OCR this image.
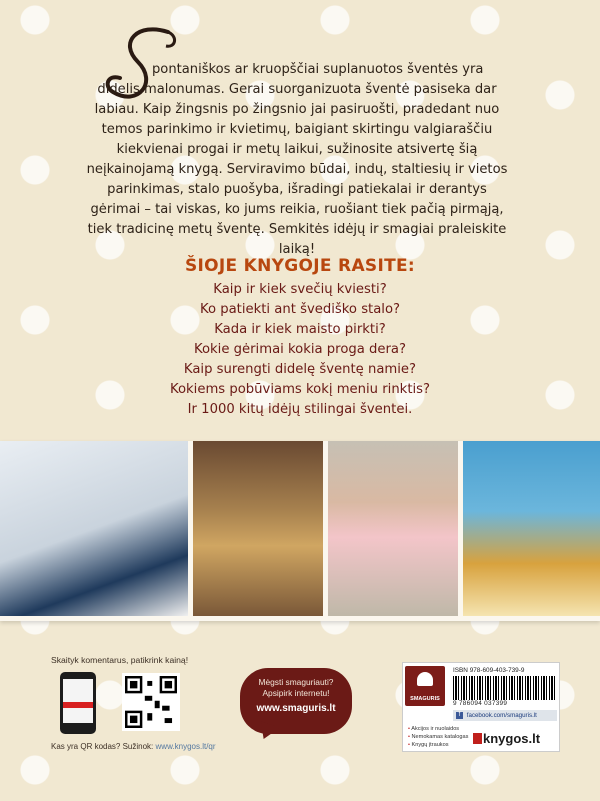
pontaniškos ar kruopščiai suplanuotos šventės yra
didelis malonumas. Gerai suorganizuota šventė pasiseka dar labiau. Kaip žingsnis po žingsnio jai pasiruošti, pradedant nuo temos parinkimo ir kvietimų, baigiant skirtingu valgiaraščiu kiekvienai progai ir metų laikui, sužinosite atsivertę šią neįkainojamą knygą. Serviravimo būdai, indų, staltiesių ir vietos parinkimas, stalo puošyba, išradingi patiekalai ir derantys gėrimai – tai viskas, ko jums reikia, ruošiant tiek pačią pirmąją, tiek tradicinę metų šventę. Semkitės idėjų ir smagiai praleiskite laiką!
ŠIOJE KNYGOJE RASITE:
Kaip ir kiek svečių kviesti?
Ko patiekti ant švediško stalo?
Kada ir kiek maisto pirkti?
Kokie gėrimai kokia proga dera?
Kaip surengti didelę šventę namie?
Kokiems pobūviams kokį meniu rinktis?
Ir 1000 kitų idėjų stilingai šventei.
Skaityk komentarus, patikrink kainą!
Kas yra QR kodas? Sužinok: www.knygos.lt/qr
Mėgsti smaguriauti?
Apsipirk internetu!
www.smaguris.lt
SMAGURIS
ISBN 978-609-403-739-9
9 786094 037399
f facebook.com/smaguris.lt
• Akcijos ir nuolaidos
• Nemokamas katalogas
• Knygų įtraukos	knygos.lt
